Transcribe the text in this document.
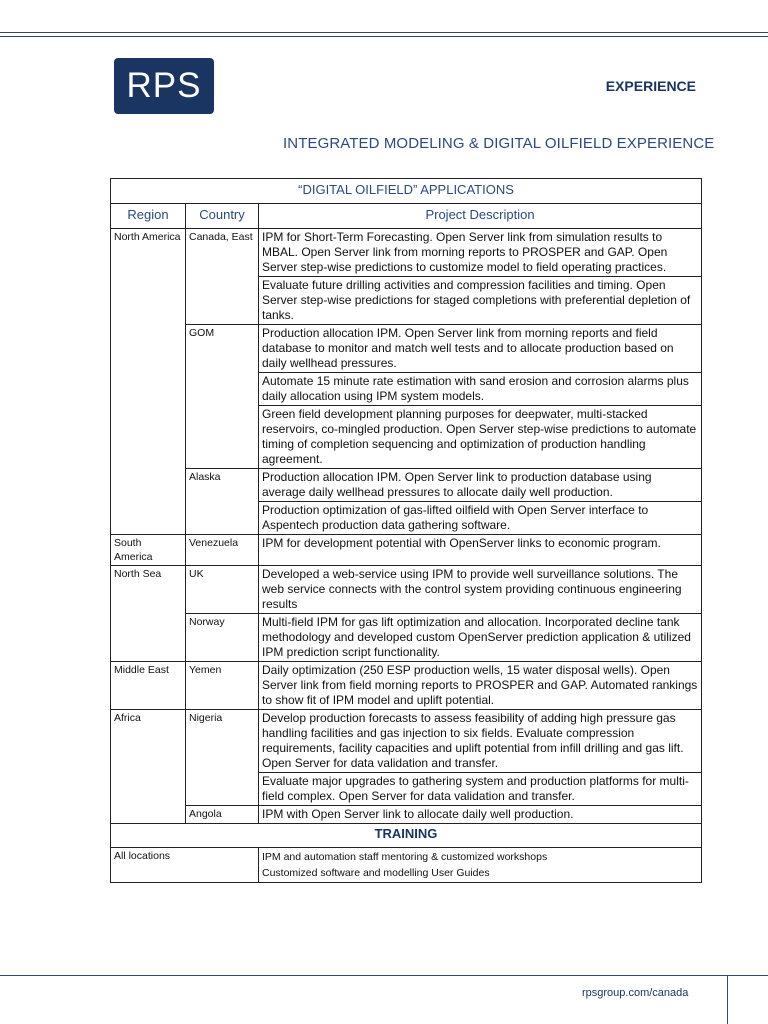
RPS	EXPERIENCE
INTEGRATED MODELING & DIGITAL OILFIELD EXPERIENCE
“DIGITAL OILFIELD” APPLICATIONS		
Region	Country	Project Description
North America	Canada, East	IPM for Short-Term Forecasting. Open Server link from simulation results to MBAL. Open Server link from morning reports to PROSPER and GAP. Open Server step-wise predictions to customize model to field operating practices.
		Evaluate future drilling activities and compression facilities and timing. Open Server step-wise predictions for staged completions with preferential depletion of tanks.
	GOM	Production allocation IPM. Open Server link from morning reports and field database to monitor and match well tests and to allocate production based on daily wellhead pressures.
		Automate 15 minute rate estimation with sand erosion and corrosion alarms plus daily allocation using IPM system models.
		Green field development planning purposes for deepwater, multi-stacked reservoirs, co-mingled production. Open Server step-wise predictions to automate timing of completion sequencing and optimization of production handling agreement.
	Alaska	Production allocation IPM. Open Server link to production database using average daily wellhead pressures to allocate daily well production.
		Production optimization of gas-lifted oilfield with Open Server interface to Aspentech production data gathering software.
South America	Venezuela	IPM for development potential with OpenServer links to economic program.
North Sea	UK	Developed a web-service using IPM to provide well surveillance solutions. The web service connects with the control system providing continuous engineering results
	Norway	Multi-field IPM for gas lift optimization and allocation. Incorporated decline tank methodology and developed custom OpenServer prediction application & utilized IPM prediction script functionality.
Middle East	Yemen	Daily optimization (250 ESP production wells, 15 water disposal wells). Open Server link from field morning reports to PROSPER and GAP. Automated rankings to show fit of IPM model and uplift potential.
Africa	Nigeria	Develop production forecasts to assess feasibility of adding high pressure gas handling facilities and gas injection to six fields. Evaluate compression requirements, facility capacities and uplift potential from infill drilling and gas lift. Open Server for data validation and transfer.
		Evaluate major upgrades to gathering system and production platforms for multi-field complex. Open Server for data validation and transfer.
	Angola	IPM with Open Server link to allocate daily well production.
TRAINING		
All locations		IPM and automation staff mentoring & customized workshops
Customized software and modelling User Guides
rpsgroup.com/canada
